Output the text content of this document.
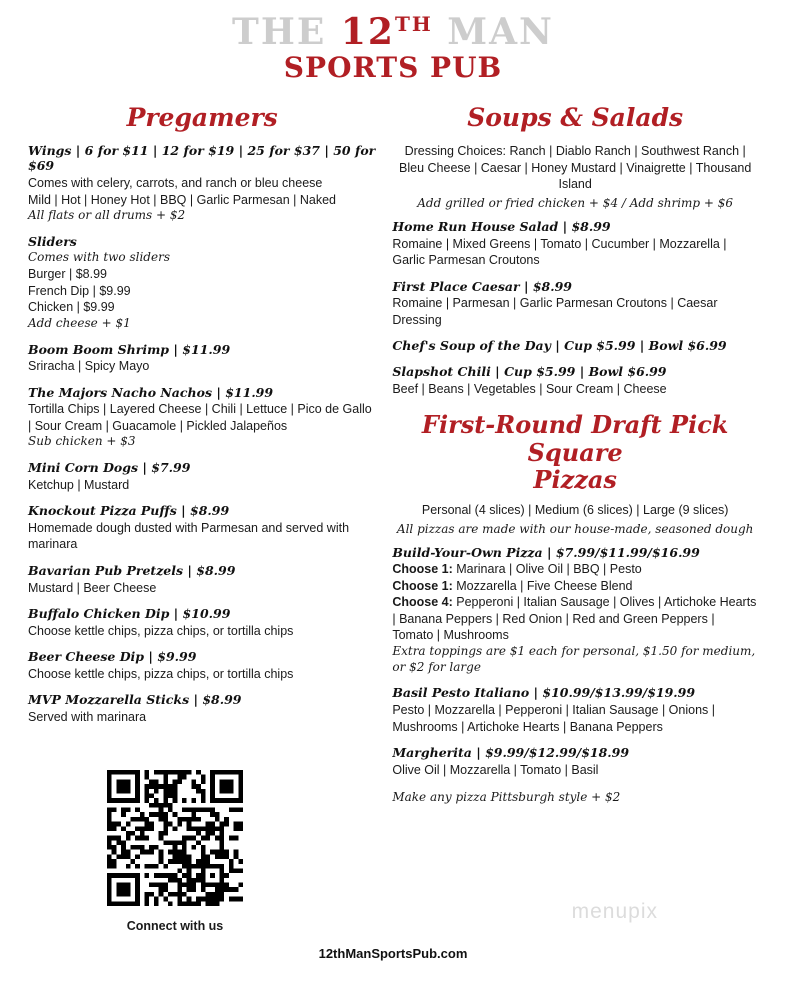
THE 12TH MAN
SPORTS PUB
Pregamers
Wings | 6 for $11 | 12 for $19 | 25 for $37 | 50 for $69
Comes with celery, carrots, and ranch or bleu cheese
Mild | Hot | Honey Hot | BBQ | Garlic Parmesan | Naked
All flats or all drums + $2
Sliders
Comes with two sliders
Burger | $8.99
French Dip | $9.99
Chicken | $9.99
Add cheese + $1
Boom Boom Shrimp | $11.99
Sriracha | Spicy Mayo
The Majors Nacho Nachos | $11.99
Tortilla Chips | Layered Cheese | Chili | Lettuce | Pico de Gallo | Sour Cream | Guacamole | Pickled Jalapeños
Sub chicken + $3
Mini Corn Dogs | $7.99
Ketchup | Mustard
Knockout Pizza Puffs | $8.99
Homemade dough dusted with Parmesan and served with marinara
Bavarian Pub Pretzels | $8.99
Mustard | Beer Cheese
Buffalo Chicken Dip | $10.99
Choose kettle chips, pizza chips, or tortilla chips
Beer Cheese Dip | $9.99
Choose kettle chips, pizza chips, or tortilla chips
MVP Mozzarella Sticks | $8.99
Served with marinara
Soups & Salads
Dressing Choices: Ranch | Diablo Ranch | Southwest Ranch | Bleu Cheese | Caesar | Honey Mustard | Vinaigrette | Thousand Island
Add grilled or fried chicken + $4 / Add shrimp + $6
Home Run House Salad | $8.99
Romaine | Mixed Greens | Tomato | Cucumber | Mozzarella | Garlic Parmesan Croutons
First Place Caesar | $8.99
Romaine | Parmesan | Garlic Parmesan Croutons | Caesar Dressing
Chef's Soup of the Day | Cup $5.99 | Bowl $6.99
Slapshot Chili | Cup $5.99 | Bowl $6.99
Beef | Beans | Vegetables | Sour Cream | Cheese
First-Round Draft Pick Square
Pizzas
Personal (4 slices) | Medium (6 slices) | Large (9 slices)
All pizzas are made with our house-made, seasoned dough
Build-Your-Own Pizza | $7.99/$11.99/$16.99
Choose 1: Marinara | Olive Oil | BBQ | Pesto
Choose 1: Mozzarella | Five Cheese Blend
Choose 4: Pepperoni | Italian Sausage | Olives | Artichoke Hearts | Banana Peppers | Red Onion | Red and Green Peppers | Tomato | Mushrooms
Extra toppings are $1 each for personal, $1.50 for medium, or $2 for large
Basil Pesto Italiano | $10.99/$13.99/$19.99
Pesto | Mozzarella | Pepperoni | Italian Sausage | Onions | Mushrooms | Artichoke Hearts | Banana Peppers
Margherita | $9.99/$12.99/$18.99
Olive Oil | Mozzarella | Tomato | Basil
Make any pizza Pittsburgh style + $2
Connect with us
menupix
12thManSportsPub.com
